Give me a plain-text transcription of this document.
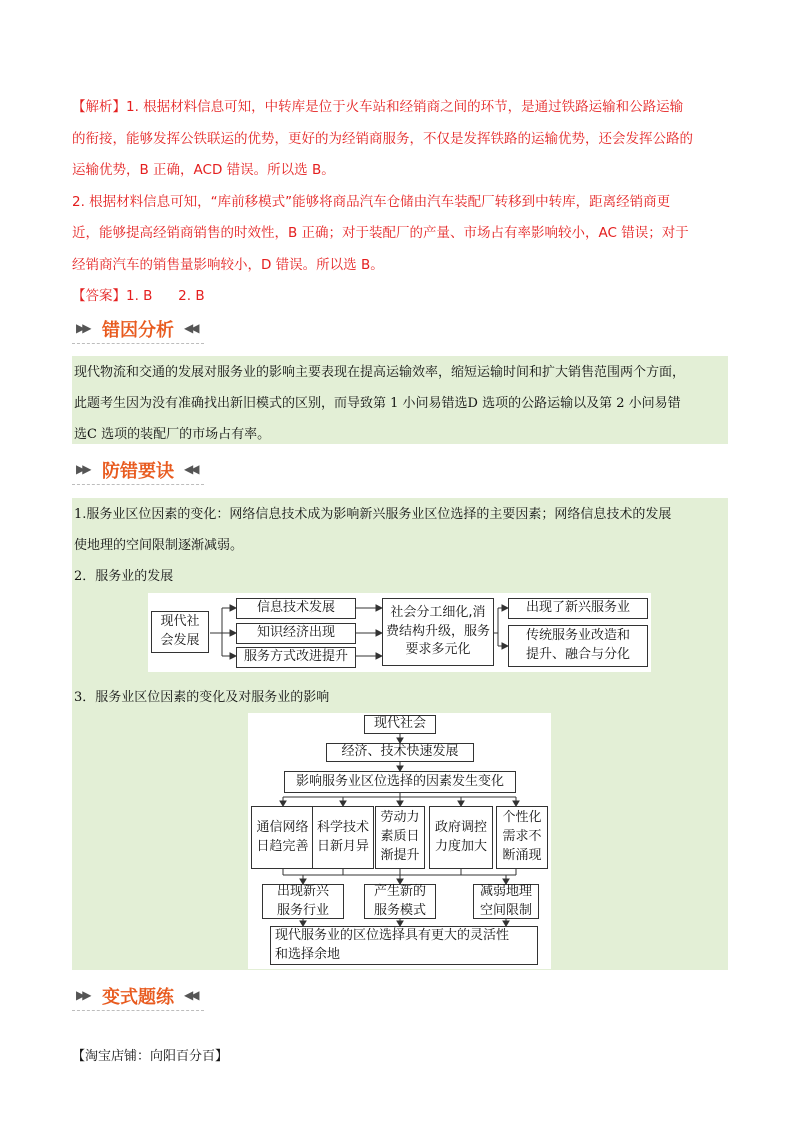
【解析】1. 根据材料信息可知，中转库是位于火车站和经销商之间的环节，是通过铁路运输和公路运输

的衔接，能够发挥公铁联运的优势，更好的为经销商服务，不仅是发挥铁路的运输优势，还会发挥公路的

运输优势，B 正确，ACD 错误。所以选 B。

2. 根据材料信息可知，“库前移模式”能够将商品汽车仓储由汽车装配厂转移到中转库，距离经销商更

近，能够提高经销商销售的时效性，B 正确；对于装配厂的产量、市场占有率影响较小，AC 错误；对于

经销商汽车的销售量影响较小，D 错误。所以选 B。

【答案】1. B      2. B

▶▶ 错因分析 ◀◀
现代物流和交通的发展对服务业的影响主要表现在提高运输效率，缩短运输时间和扩大销售范围两个方面，
此题考生因为没有准确找出新旧模式的区别，而导致第 1 小问易错选D 选项的公路运输以及第 2 小问易错
选C 选项的装配厂的市场占有率。
▶▶ 防错要诀 ◀◀
1.服务业区位因素的变化：网络信息技术成为影响新兴服务业区位选择的主要因素；网络信息技术的发展
使地理的空间限制逐渐减弱。
2．服务业的发展
3．服务业区位因素的变化及对服务业的影响
现代社
会发展
信息技术发展
知识经济出现
服务方式改进提升
社会分工细化,消
费结构升级，服务
要求多元化
出现了新兴服务业
传统服务业改造和
提升、融合与分化
现代社会
经济、技术快速发展
影响服务业区位选择的因素发生变化
通信网络
日趋完善
科学技术
日新月异
劳动力
素质日
渐提升
政府调控
力度加大
个性化
需求不
断涌现
出现新兴
服务行业
产生新的
服务模式
减弱地理
空间限制
现代服务业的区位选择具有更大的灵活性
和选择余地
▶▶ 变式题练 ◀◀
【淘宝店铺：向阳百分百】
